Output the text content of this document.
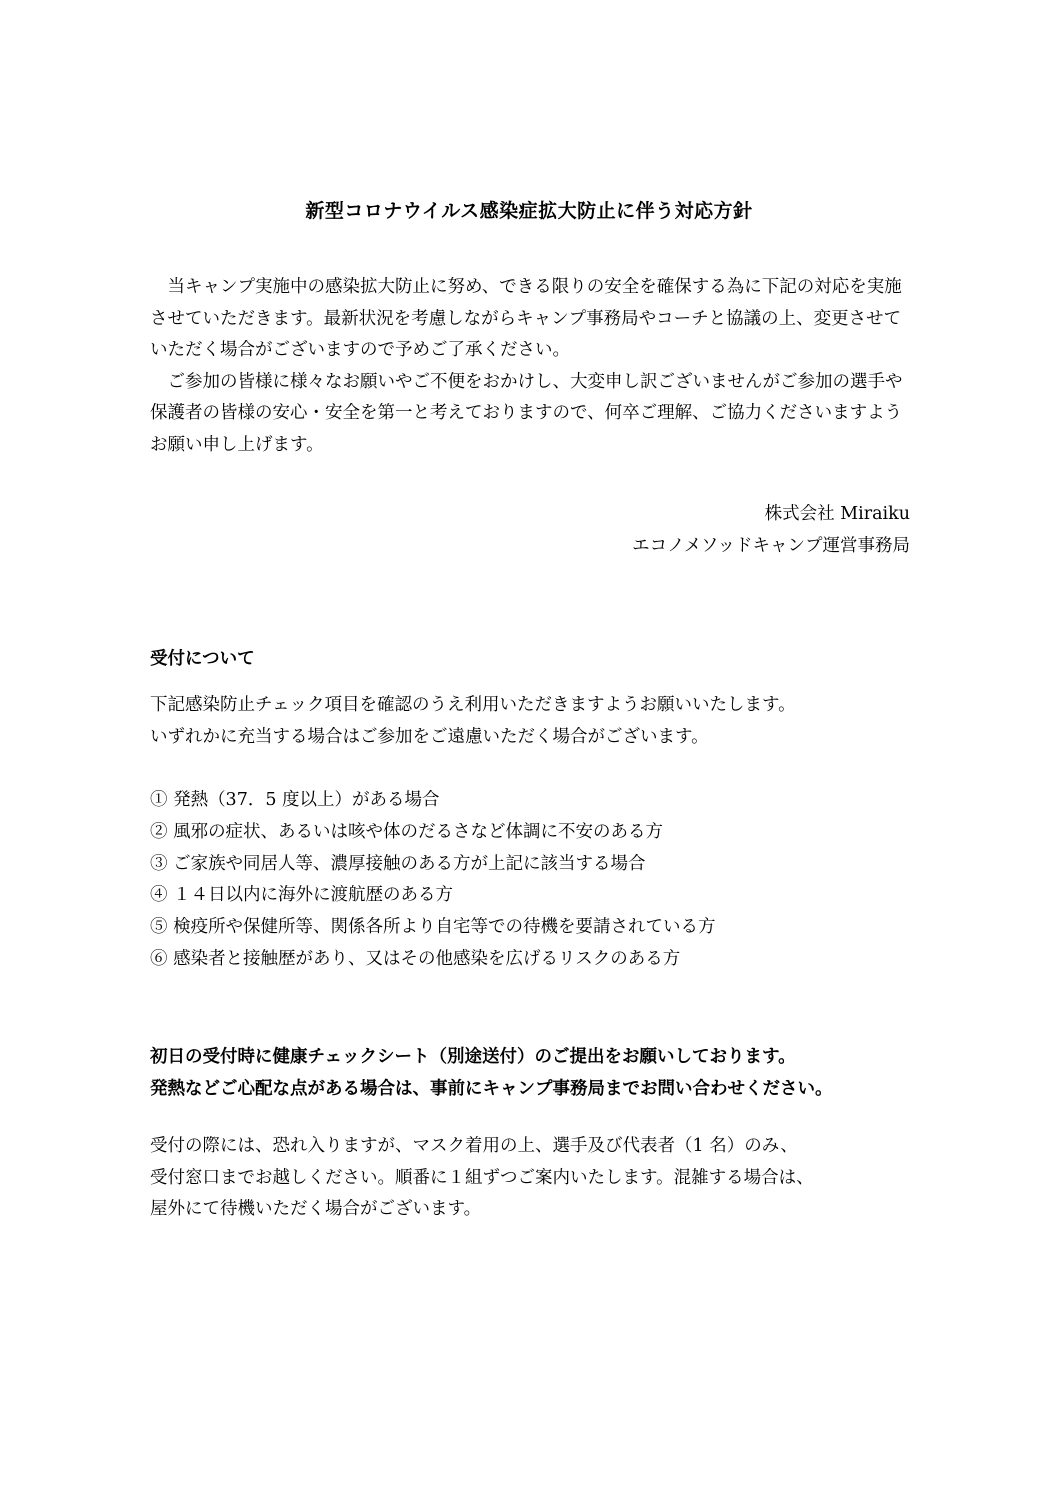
新型コロナウイルス感染症拡大防止に伴う対応方針

　当キャンプ実施中の感染拡大防止に努め、できる限りの安全を確保する為に下記の対応を実施させていただきます。最新状況を考慮しながらキャンプ事務局やコーチと協議の上、変更させていただく場合がございますので予めご了承ください。

　ご参加の皆様に様々なお願いやご不便をおかけし、大変申し訳ございませんがご参加の選手や保護者の皆様の安心・安全を第一と考えておりますので、何卒ご理解、ご協力くださいますようお願い申し上げます。

株式会社 Miraiku
エコノメソッドキャンプ運営事務局
受付について
下記感染防止チェック項目を確認のうえ利用いただきますようお願いいたします。
いずれかに充当する場合はご参加をご遠慮いただく場合がございます。
① 発熱（37．5 度以上）がある場合
② 風邪の症状、あるいは咳や体のだるさなど体調に不安のある方
③ ご家族や同居人等、濃厚接触のある方が上記に該当する場合
④ １４日以内に海外に渡航歴のある方
⑤ 検疫所や保健所等、関係各所より自宅等での待機を要請されている方
⑥ 感染者と接触歴があり、又はその他感染を広げるリスクのある方
初日の受付時に健康チェックシート（別途送付）のご提出をお願いしております。
発熱などご心配な点がある場合は、事前にキャンプ事務局までお問い合わせください。
受付の際には、恐れ入りますが、マスク着用の上、選手及び代表者（1 名）のみ、
受付窓口までお越しください。順番に１組ずつご案内いたします。混雑する場合は、
屋外にて待機いただく場合がございます。
